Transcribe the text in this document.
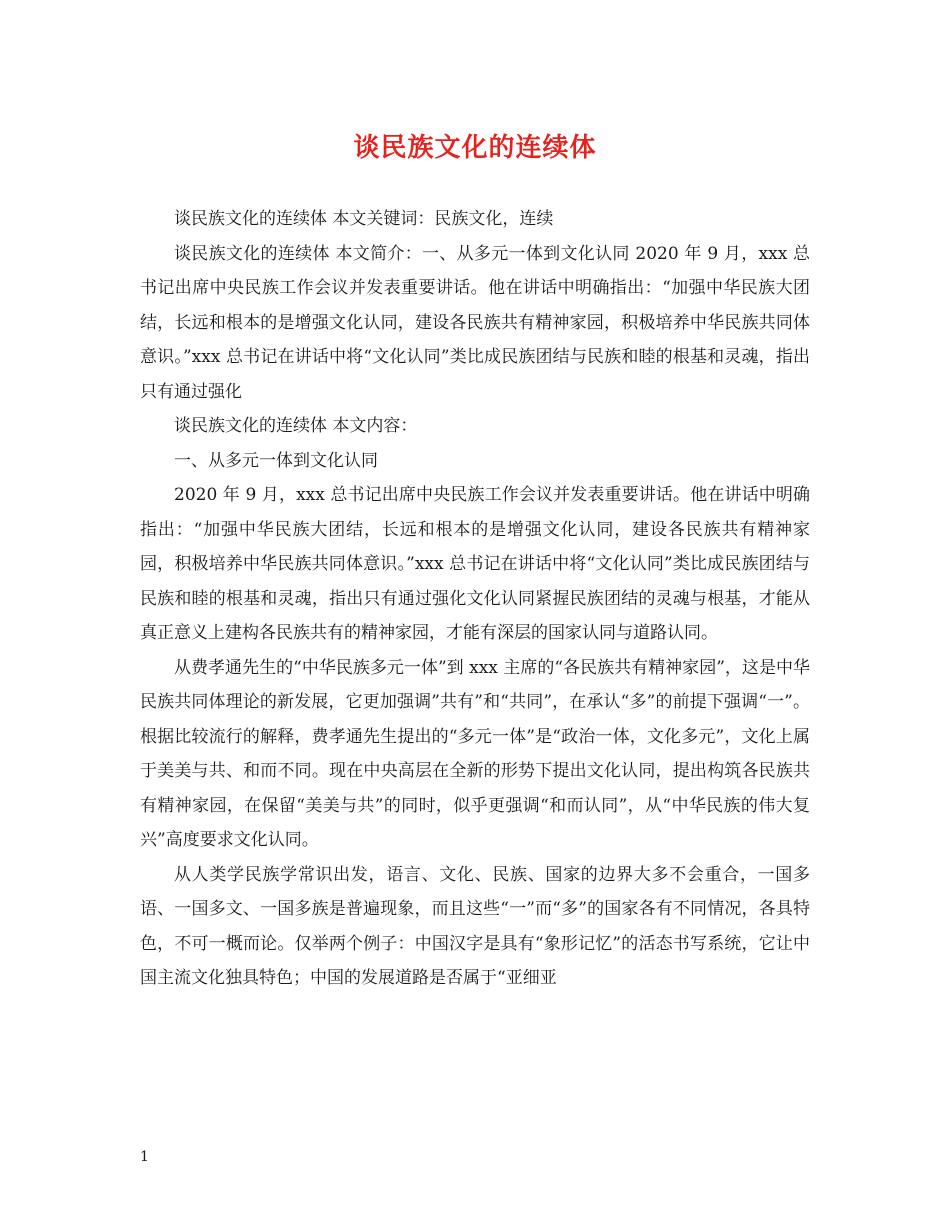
谈民族文化的连续体

谈民族文化的连续体 本文关键词：民族文化，连续

谈民族文化的连续体 本文简介：一、从多元一体到文化认同 2020 年 9 月，xxx 总书记出席中央民族工作会议并发表重要讲话。他在讲话中明确指出：“加强中华民族大团结，长远和根本的是增强文化认同，建设各民族共有精神家园，积极培养中华民族共同体意识。”xxx 总书记在讲话中将“文化认同”类比成民族团结与民族和睦的根基和灵魂，指出只有通过强化

谈民族文化的连续体 本文内容：

一、从多元一体到文化认同

2020 年 9 月，xxx 总书记出席中央民族工作会议并发表重要讲话。他在讲话中明确指出：“加强中华民族大团结，长远和根本的是增强文化认同，建设各民族共有精神家园，积极培养中华民族共同体意识。”xxx 总书记在讲话中将“文化认同”类比成民族团结与民族和睦的根基和灵魂，指出只有通过强化文化认同紧握民族团结的灵魂与根基，才能从真正意义上建构各民族共有的精神家园，才能有深层的国家认同与道路认同。

从费孝通先生的“中华民族多元一体”到 xxx 主席的“各民族共有精神家园”，这是中华民族共同体理论的新发展，它更加强调”共有”和“共同”，在承认“多”的前提下强调“一”。根据比较流行的解释，费孝通先生提出的“多元一体”是“政治一体，文化多元”，文化上属于美美与共、和而不同。现在中央高层在全新的形势下提出文化认同，提出构筑各民族共有精神家园，在保留“美美与共”的同时，似乎更强调“和而认同”，从“中华民族的伟大复兴”高度要求文化认同。

从人类学民族学常识出发，语言、文化、民族、国家的边界大多不会重合，一国多语、一国多文、一国多族是普遍现象，而且这些“一”而“多”的国家各有不同情况，各具特色，不可一概而论。仅举两个例子：中国汉字是具有“象形记忆”的活态书写系统，它让中国主流文化独具特色；中国的发展道路是否属于“亚细亚

1
